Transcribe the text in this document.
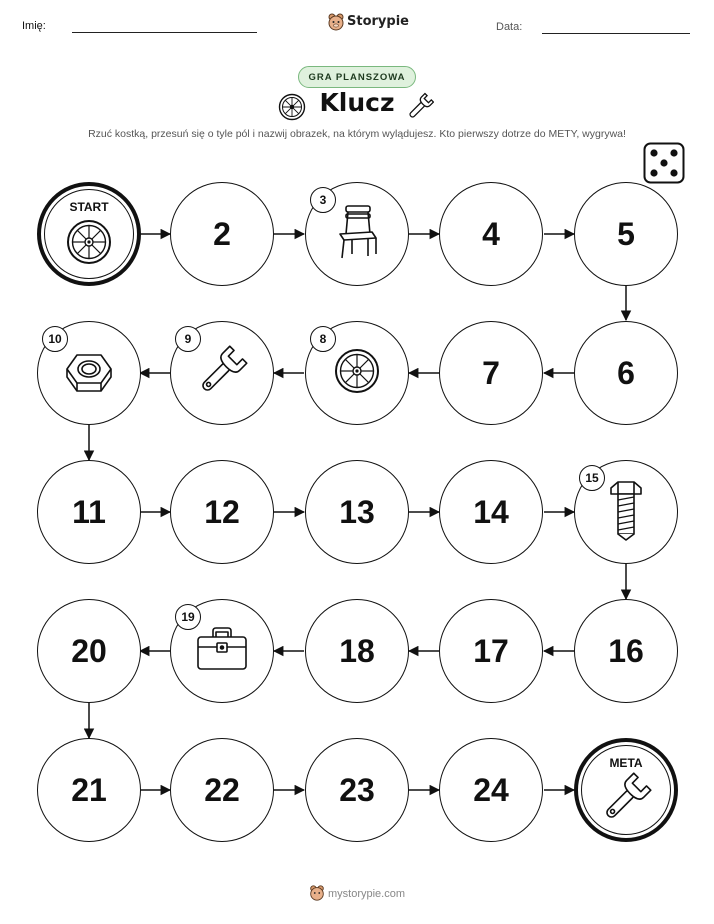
Imię:	Storypie	Data:
GRA PLANSZOWA
Klucz
Rzuć kostką, przesuń się o tyle pól i nazwij obrazek, na którym wylądujesz. Kto pierwszy dotrze do METY, wygrywa!
START
2
3
4	5
6
7
8
9
10
11	12	13	14
15
16
17
18
19
20
21	22	23	24
META
mystorypie.com
